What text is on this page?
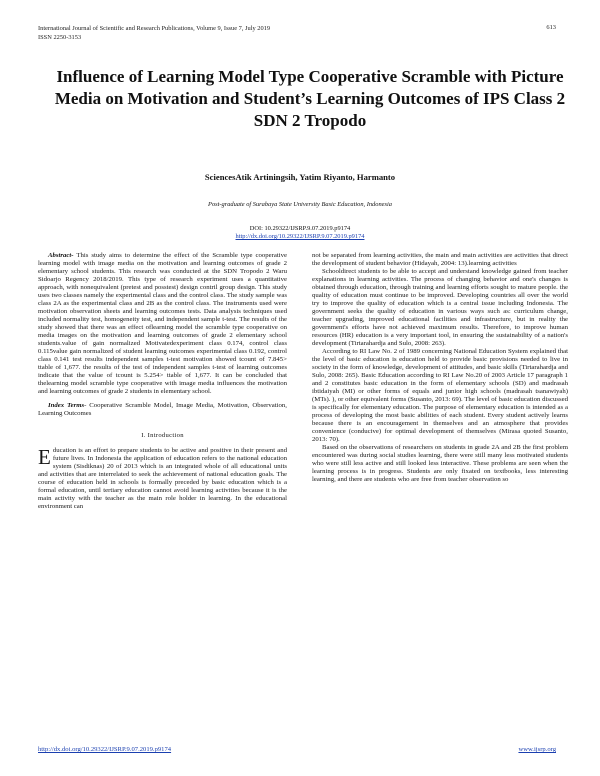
International Journal of Scientific and Research Publications, Volume 9, Issue 7, July 2019
ISSN 2250-3153
613
Influence of Learning Model Type Cooperative Scramble with Picture Media on Motivation and Student’s Learning Outcomes of IPS Class 2 SDN 2 Tropodo
SciencesAtik Artiningsih, Yatim Riyanto, Harmanto
Post-graduate of Surabaya State University Basic Education, Indonesia
DOI: 10.29322/IJSRP.9.07.2019.p9174
http://dx.doi.org/10.29322/IJSRP.9.07.2019.p9174

Abstract- This study aims to determine the effect of the Scramble type cooperative learning model with image media on the motivation and learning outcomes of grade 2 elementary school students. This research was conducted at the SDN Tropodo 2 Waru Sidoarjo Regency 2018/2019. This type of research experiment uses a quantitative approach, with nonequivalent (pretest and posstest) design contril group design. This study uses two classes namely the experimental class and the control class. The study sample was class 2A as the experimental class and 2B as the control class. The instruments used were motivation observation sheets and learning outcomes tests. Data analysis techniques used included normality test, homogeneity test, and independent sample t-test. The results of the study showed that there was an effect oflearning model the scramble type cooperative on media images on the motivation and learning outcomes of grade 2 elementary school students.value of gain normalized Motivatedexperiment class 0.174, control class 0.115value gain normalized of student learning outcomes experimental class 0.192, control class 0.141 test results independent samples t-test motivation showed tcount of 7.845> ttable of 1,677. the results of the test of independent samples t-test of learning outcomes indicate that the value of tcount is 5.254> ttable of 1,677. It can be concluded that thelearning model scramble type cooperative with image media influences the motivation and learning outcomes of grade 2 students in elementary school.

Index Terms- Cooperative Scramble Model, Image Media, Motivation, Observation, Learning Outcomes

I. Introduction

Education is an effort to prepare students to be active and positive in their present and future lives. In Indonesia the application of education refers to the national education system (Sisdiknas) 20 of 2013 which is an integrated whole of all educational units and activities that are interrelated to seek the achievement of national education goals. The course of education held in schools is formally preceded by basic education which is a formal education, until tertiary education cannot avoid learning activities because it is the main activity with the teacher as the main role holder in learning. In the educational environment can

not be separated from learning activities, the main and main activities are activities that direct the development of student behavior (Hidayah, 2004: 13).learning activities

Schooldirect students to be able to accept and understand knowledge gained from teacher explanations in learning activities. The process of changing behavior and one's changes is obtained through education, through training and learning efforts sought to mature people. the quality of education must continue to be improved. Developing countries all over the world try to improve the quality of education which is a central issue including Indonesia. The government seeks the quality of education in various ways such as: curriculum change, teacher upgrading, improved educational facilities and infrastructure, but in reality the government's efforts have not achieved maximum results. Therefore, to improve human resources (HR) education is a very important tool, in ensuring the sustainability of a nation's development (Tirtarahardja and Sulo, 2008: 263).

According to RI Law No. 2 of 1989 concerning National Education System explained that the level of basic education is education held to provide basic provisions needed to live in society in the form of knowledge, development of attitudes, and basic skills (Tirtarahardja and Sulo, 2008: 265). Basic Education according to RI Law No.20 of 2003 Article 17 paragraph 1 and 2 constitutes basic education in the form of elementary schools (SD) and madrasah ibtidaiyah (MI) or other forms of equals and junior high schools (madrasah tsanawiyah) (MTs). ), or other equivalent forms (Susanto, 2013: 69). The level of basic education discussed is specifically for elementary education. The purpose of elementary education is intended as a process of developing the most basic abilities of each student. Every student actively learns because there is an encouragement in themselves and an atmosphere that provides convenience (conducive) for optimal development of themselves (Mirasa quoted Susanto, 2013: 70).

Based on the observations of researchers on students in grade 2A and 2B the first problem encountered was during social studies learning, there were still many less motivated students who were still less active and still looked less interactive. These problems are seen when the learning process is in progress. Students are only fixated on textbooks, less interesting learning, and there are students who are free from teacher observation so

http://dx.doi.org/10.29322/IJSRP.9.07.2019.p9174	www.ijsrp.org
